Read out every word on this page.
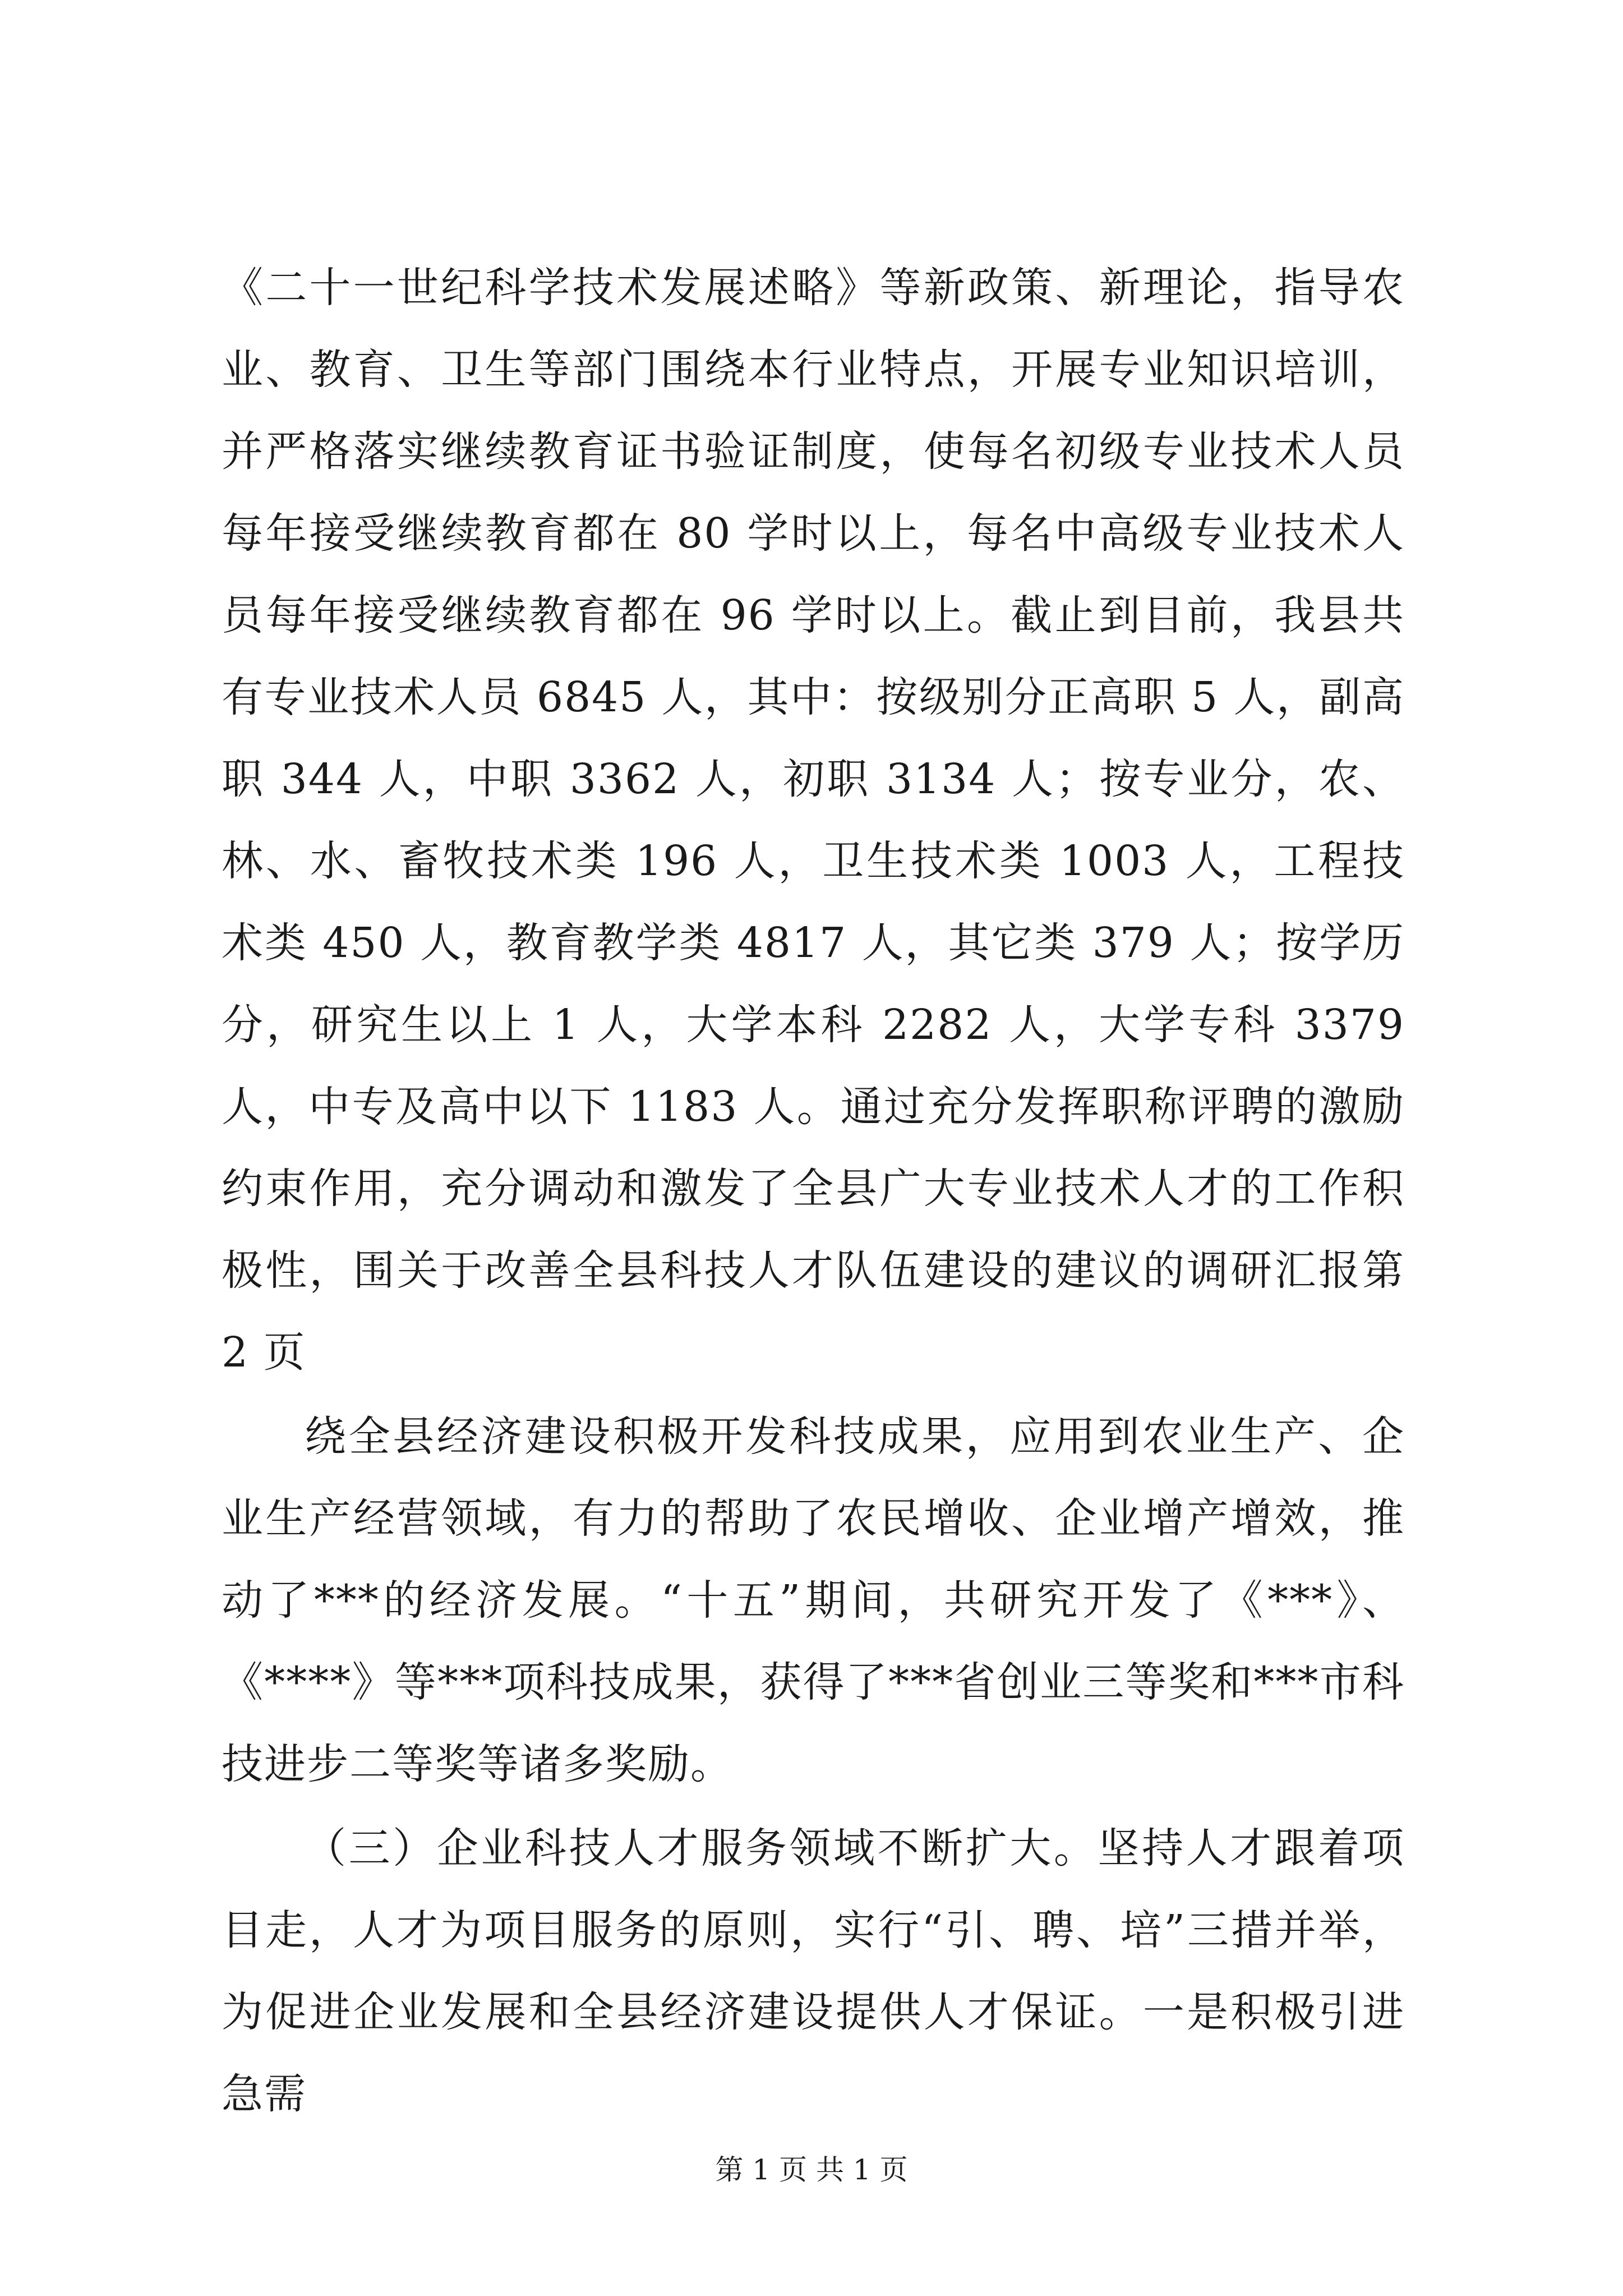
《二十一世纪科学技术发展述略》等新政策、新理论，指导农业、教育、卫生等部门围绕本行业特点，开展专业知识培训，并严格落实继续教育证书验证制度，使每名初级专业技术人员每年接受继续教育都在 80 学时以上，每名中高级专业技术人员每年接受继续教育都在 96 学时以上。截止到目前，我县共有专业技术人员 6845 人，其中：按级别分正高职 5 人，副高职 344 人，中职 3362 人，初职 3134 人；按专业分，农、林、水、畜牧技术类 196 人，卫生技术类 1003 人，工程技术类 450 人，教育教学类 4817 人，其它类 379 人；按学历分，研究生以上 1 人，大学本科 2282 人，大学专科 3379 人，中专及高中以下 1183 人。通过充分发挥职称评聘的激励约束作用，充分调动和激发了全县广大专业技术人才的工作积极性，围关于改善全县科技人才队伍建设的建议的调研汇报第 2 页

绕全县经济建设积极开发科技成果，应用到农业生产、企业生产经营领域，有力的帮助了农民增收、企业增产增效，推动了***的经济发展。“十五”期间，共研究开发了《***》、《****》等***项科技成果，获得了***省创业三等奖和***市科技进步二等奖等诸多奖励。

（三）企业科技人才服务领域不断扩大。坚持人才跟着项目走，人才为项目服务的原则，实行“引、聘、培”三措并举，为促进企业发展和全县经济建设提供人才保证。一是积极引进急需

第 1 页 共 1 页
